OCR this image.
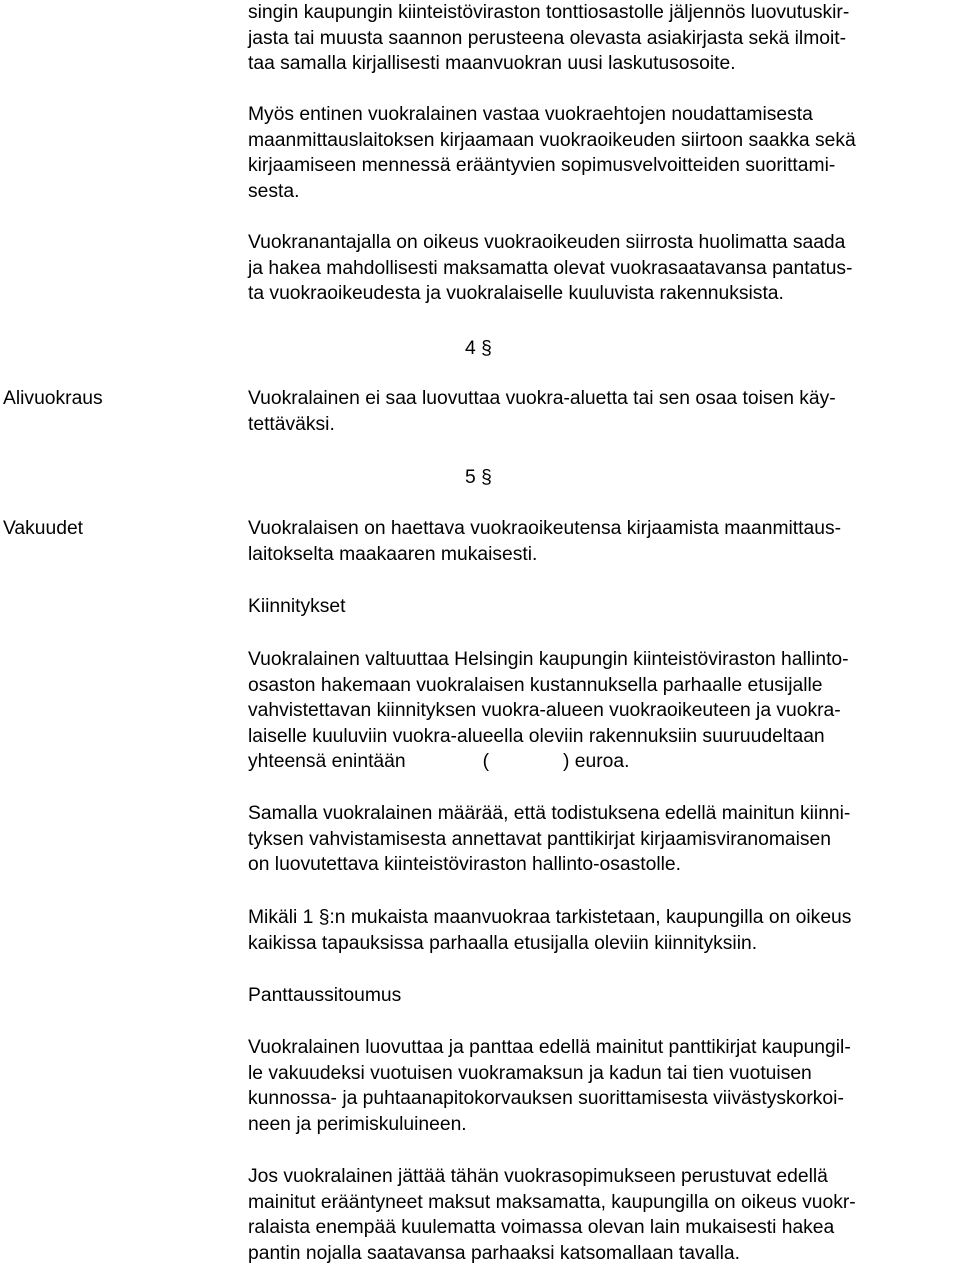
singin kaupungin kiinteistöviraston tonttiosastolle jäljennös luovutuskir-
jasta tai muusta saannon perusteena olevasta asiakirjasta sekä ilmoit-
taa samalla kirjallisesti maanvuokran uusi laskutusosoite.

Myös entinen vuokralainen vastaa vuokraehtojen noudattamisesta
maanmittauslaitoksen kirjaamaan vuokraoikeuden siirtoon saakka sekä
kirjaamiseen mennessä erääntyvien sopimusvelvoitteiden suorittami-
sesta.

Vuokranantajalla on oikeus vuokraoikeuden siirrosta huolimatta saada
ja hakea mahdollisesti maksamatta olevat vuokrasaatavansa pantatus-
ta vuokraoikeudesta ja vuokralaiselle kuuluvista rakennuksista.

4 §

Alivuokraus	Vuokralainen ei saa luovuttaa vuokra-aluetta tai sen osaa toisen käy-
tettäväksi.

5 §

Vakuudet	Vuokralaisen on haettava vuokraoikeutensa kirjaamista maanmittaus-
laitokselta maakaaren mukaisesti.

Kiinnitykset

Vuokralainen valtuuttaa Helsingin kaupungin kiinteistöviraston hallinto-
osaston hakemaan vuokralaisen kustannuksella parhaalle etusijalle
vahvistettavan kiinnityksen vuokra-alueen vuokraoikeuteen ja vuokra-
laiselle kuuluviin vuokra-alueella oleviin rakennuksiin suuruudeltaan
yhteensä enintään	(	) euroa.

Samalla vuokralainen määrää, että todistuksena edellä mainitun kiinni-
tyksen vahvistamisesta annettavat panttikirjat kirjaamisviranomaisen
on luovutettava kiinteistöviraston hallinto-osastolle.

Mikäli 1 §:n mukaista maanvuokraa tarkistetaan, kaupungilla on oikeus
kaikissa tapauksissa parhaalla etusijalla oleviin kiinnityksiin.

Panttaussitoumus

Vuokralainen luovuttaa ja panttaa edellä mainitut panttikirjat kaupungil-
le vakuudeksi vuotuisen vuokramaksun ja kadun tai tien vuotuisen
kunnossa- ja puhtaanapitokorvauksen suorittamisesta viivästyskorkoi-
neen ja perimiskuluineen.

Jos vuokralainen jättää tähän vuokrasopimukseen perustuvat edellä
mainitut erääntyneet maksut maksamatta, kaupungilla on oikeus vuokr-
ralaista enempää kuulematta voimassa olevan lain mukaisesti hakea
pantin nojalla saatavansa parhaaksi katsomallaan tavalla.
